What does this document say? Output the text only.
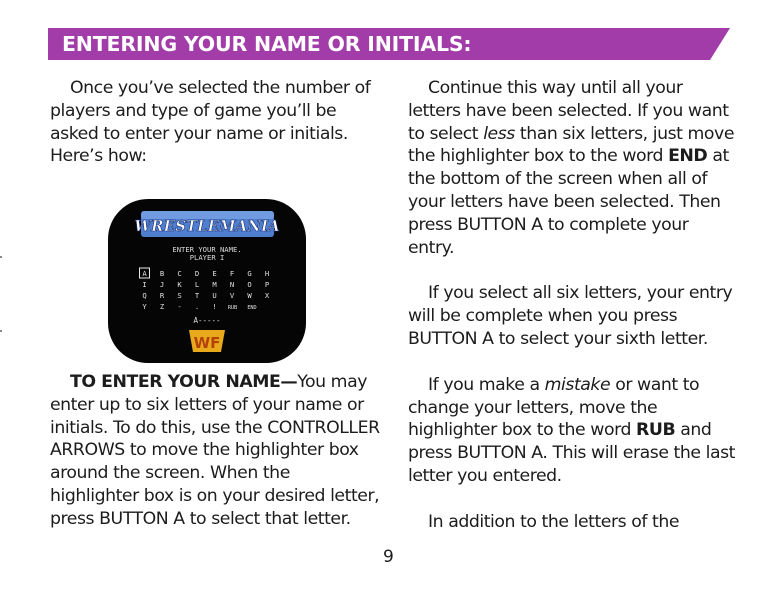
ENTERING YOUR NAME OR INITIALS:

Once you’ve selected the number of players and type of game you’ll be asked to enter your name or initials. Here’s how:

WRESTLEMANIA
ENTER YOUR NAME.
PLAYER I
A B C D E F G H
I J K L M N O P
Q R S T U V W X
Y Z - . ! RUB END
A-----
WF

TO ENTER YOUR NAME—You may enter up to six letters of your name or initials. To do this, use the CONTROLLER ARROWS to move the highlighter box around the screen. When the highlighter box is on your desired letter, press BUTTON A to select that letter.

Continue this way until all your letters have been selected. If you want to select less than six letters, just move the highlighter box to the word END at the bottom of the screen when all of your letters have been selected. Then press BUTTON A to complete your entry.

If you select all six letters, your entry will be complete when you press BUTTON A to select your sixth letter.

If you make a mistake or want to change your letters, move the highlighter box to the word RUB and press BUTTON A. This will erase the last letter you entered.

In addition to the letters of the

9
